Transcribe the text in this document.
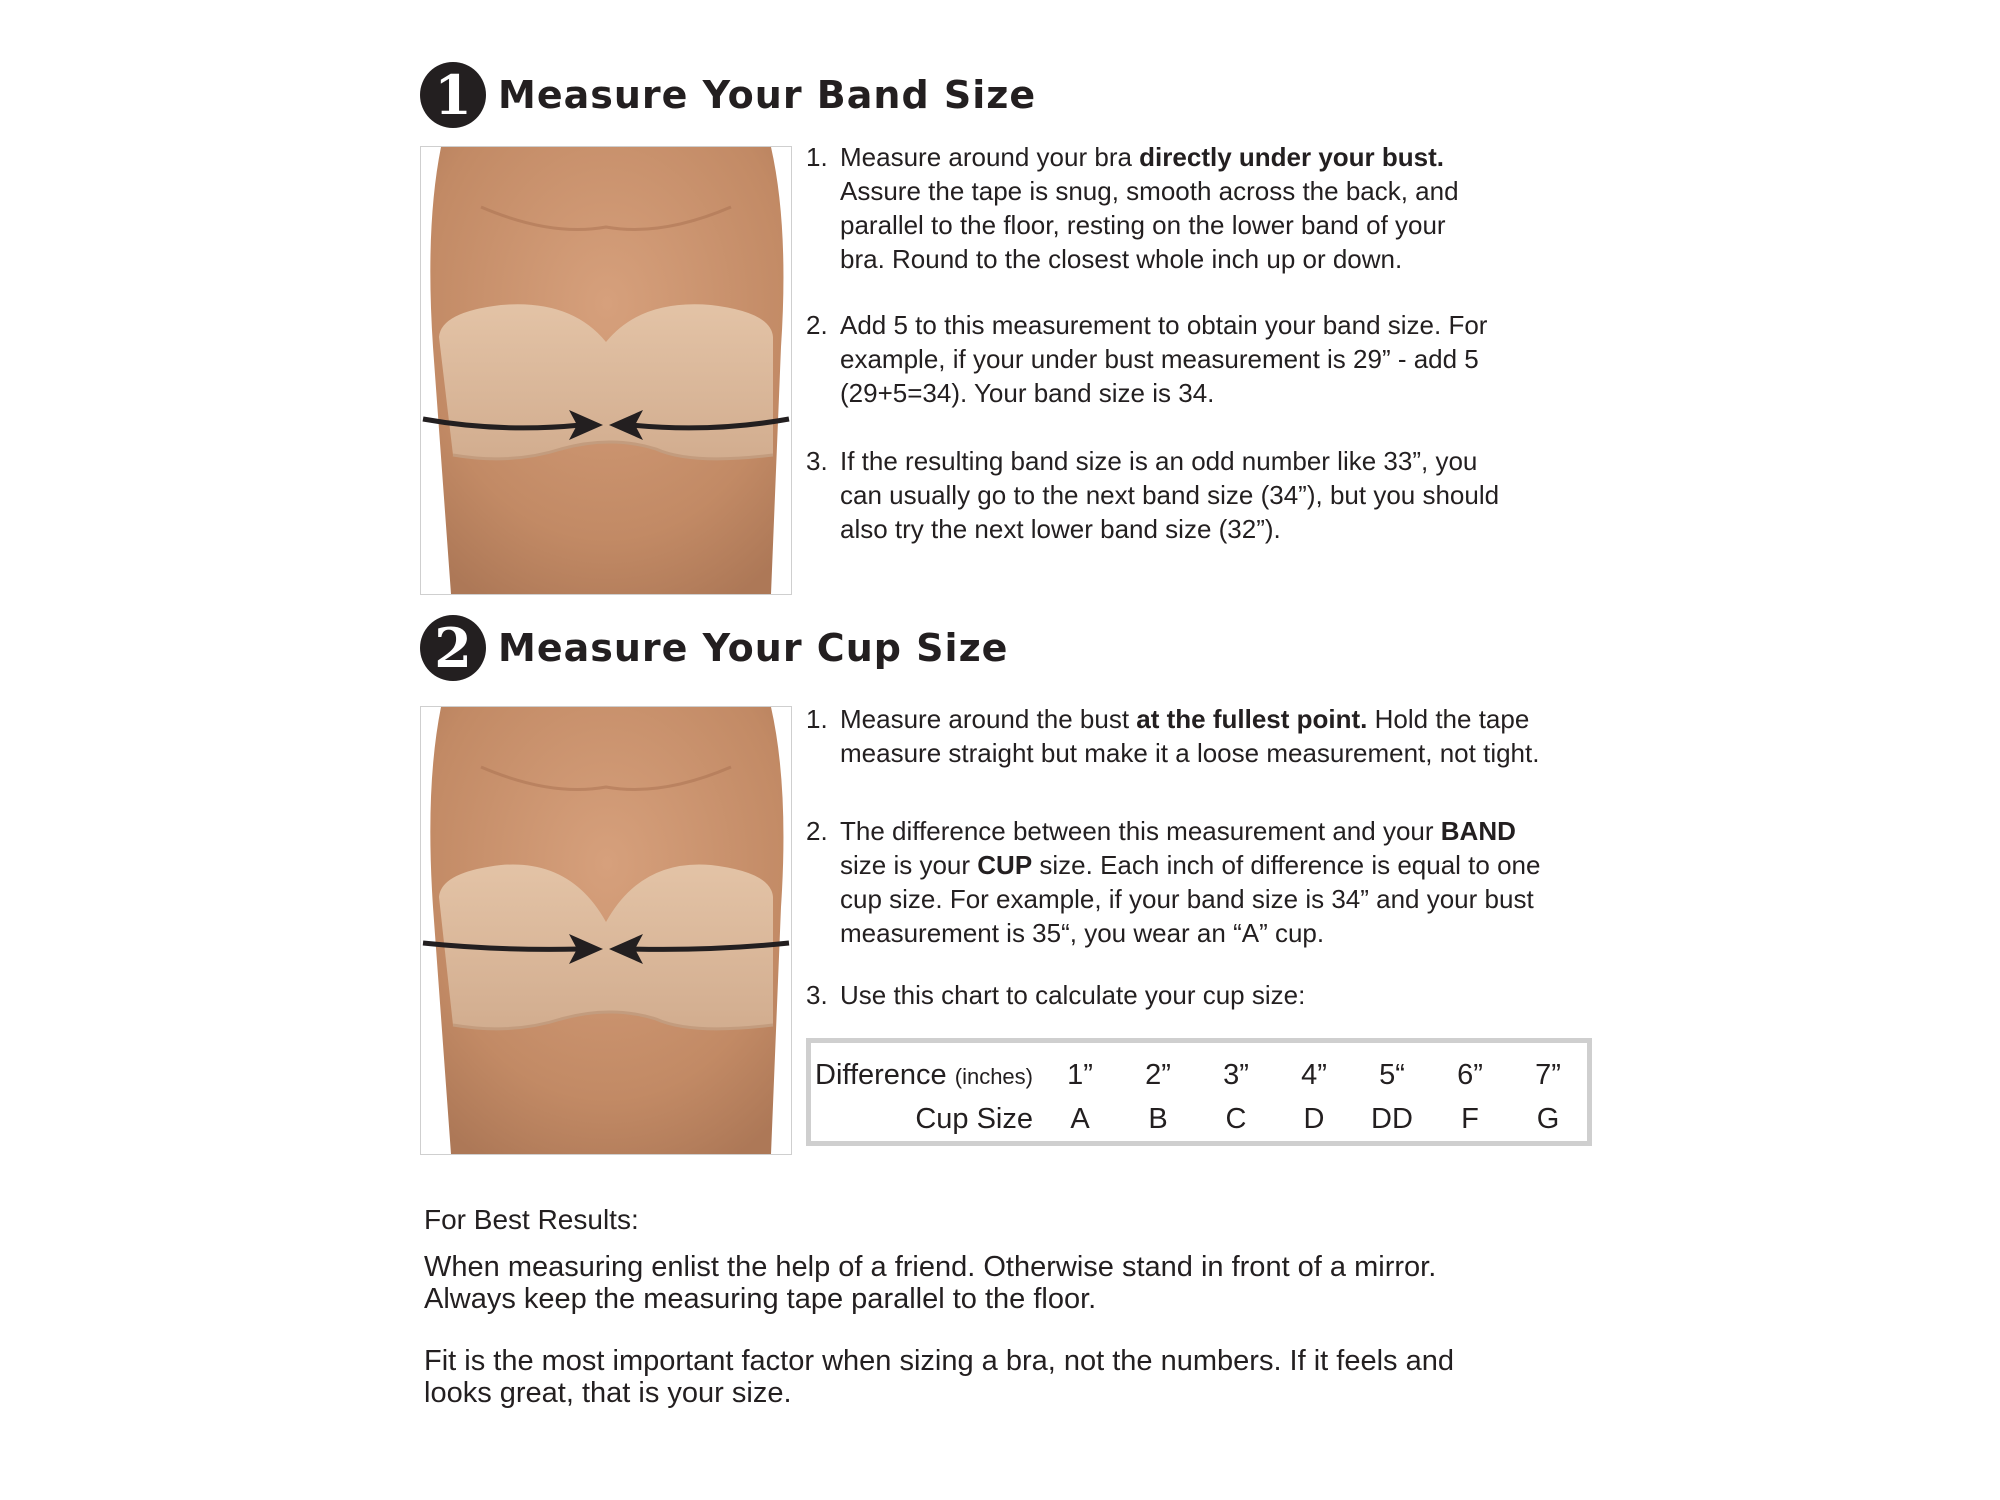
1 Measure Your Band Size
1. Measure around your bra directly under your bust.
Assure the tape is snug, smooth across the back, and
parallel to the floor, resting on the lower band of your
bra. Round to the closest whole inch up or down.
2. Add 5 to this measurement to obtain your band size. For
example, if your under bust measurement is 29” - add 5
(29+5=34). Your band size is 34.
3. If the resulting band size is an odd number like 33”, you
can usually go to the next band size (34”), but you should
also try the next lower band size (32”).
2 Measure Your Cup Size
1. Measure around the bust at the fullest point. Hold the tape
measure straight but make it a loose measurement, not tight.
2. The difference between this measurement and your BAND
size is your CUP size. Each inch of difference is equal to one
cup size. For example, if your band size is 34” and your bust
measurement is 35“, you wear an “A” cup.
3. Use this chart to calculate your cup size:
Difference (inches)	1”	2”	3”	4”	5“	6”	7”
Cup Size	A	B	C	D	DD	F	G
For Best Results:

When measuring enlist the help of a friend. Otherwise stand in front of a mirror.
Always keep the measuring tape parallel to the floor.

Fit is the most important factor when sizing a bra, not the numbers. If it feels and
looks great, that is your size.
